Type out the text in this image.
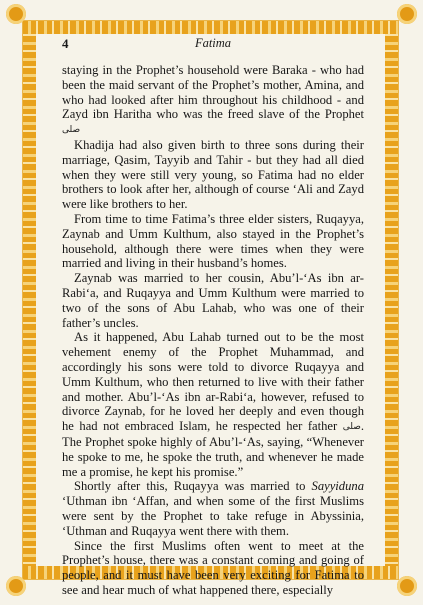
4	Fatima

staying in the Prophet’s household were Baraka - who had been the maid servant of the Prophet’s mother, Amina, and who had looked after him throughout his childhood - and Zayd ibn Haritha who was the freed slave of the Prophet صلى

Khadija had also given birth to three sons during their marriage, Qasim, Tayyib and Tahir - but they had all died when they were still very young, so Fatima had no elder brothers to look after her, although of course ‘Ali and Zayd were like brothers to her.

From time to time Fatima’s three elder sisters, Ruqayya, Zaynab and Umm Kulthum, also stayed in the Prophet’s household, although there were times when they were married and living in their husband’s homes.

Zaynab was married to her cousin, Abu’l-‘As ibn ar-Rabi‘a, and Ruqayya and Umm Kulthum were married to two of the sons of Abu Lahab, who was one of their father’s uncles.

As it happened, Abu Lahab turned out to be the most vehement enemy of the Prophet Muhammad, and accordingly his sons were told to divorce Ruqayya and Umm Kulthum, who then returned to live with their father and mother. Abu’l-‘As ibn ar-Rabi‘a, however, refused to divorce Zaynab, for he loved her deeply and even though he had not embraced Islam, he respected her father صلى. The Prophet spoke highly of Abu’l-‘As, saying, “Whenever he spoke to me, he spoke the truth, and whenever he made me a promise, he kept his promise.”

Shortly after this, Ruqayya was married to Sayyiduna ‘Uthman ibn ‘Affan, and when some of the first Muslims were sent by the Prophet to take refuge in Abyssinia, ‘Uthman and Ruqayya went there with them.

Since the first Muslims often went to meet at the Prophet’s house, there was a constant coming and going of people, and it must have been very exciting for Fatima to see and hear much of what happened there, especially
